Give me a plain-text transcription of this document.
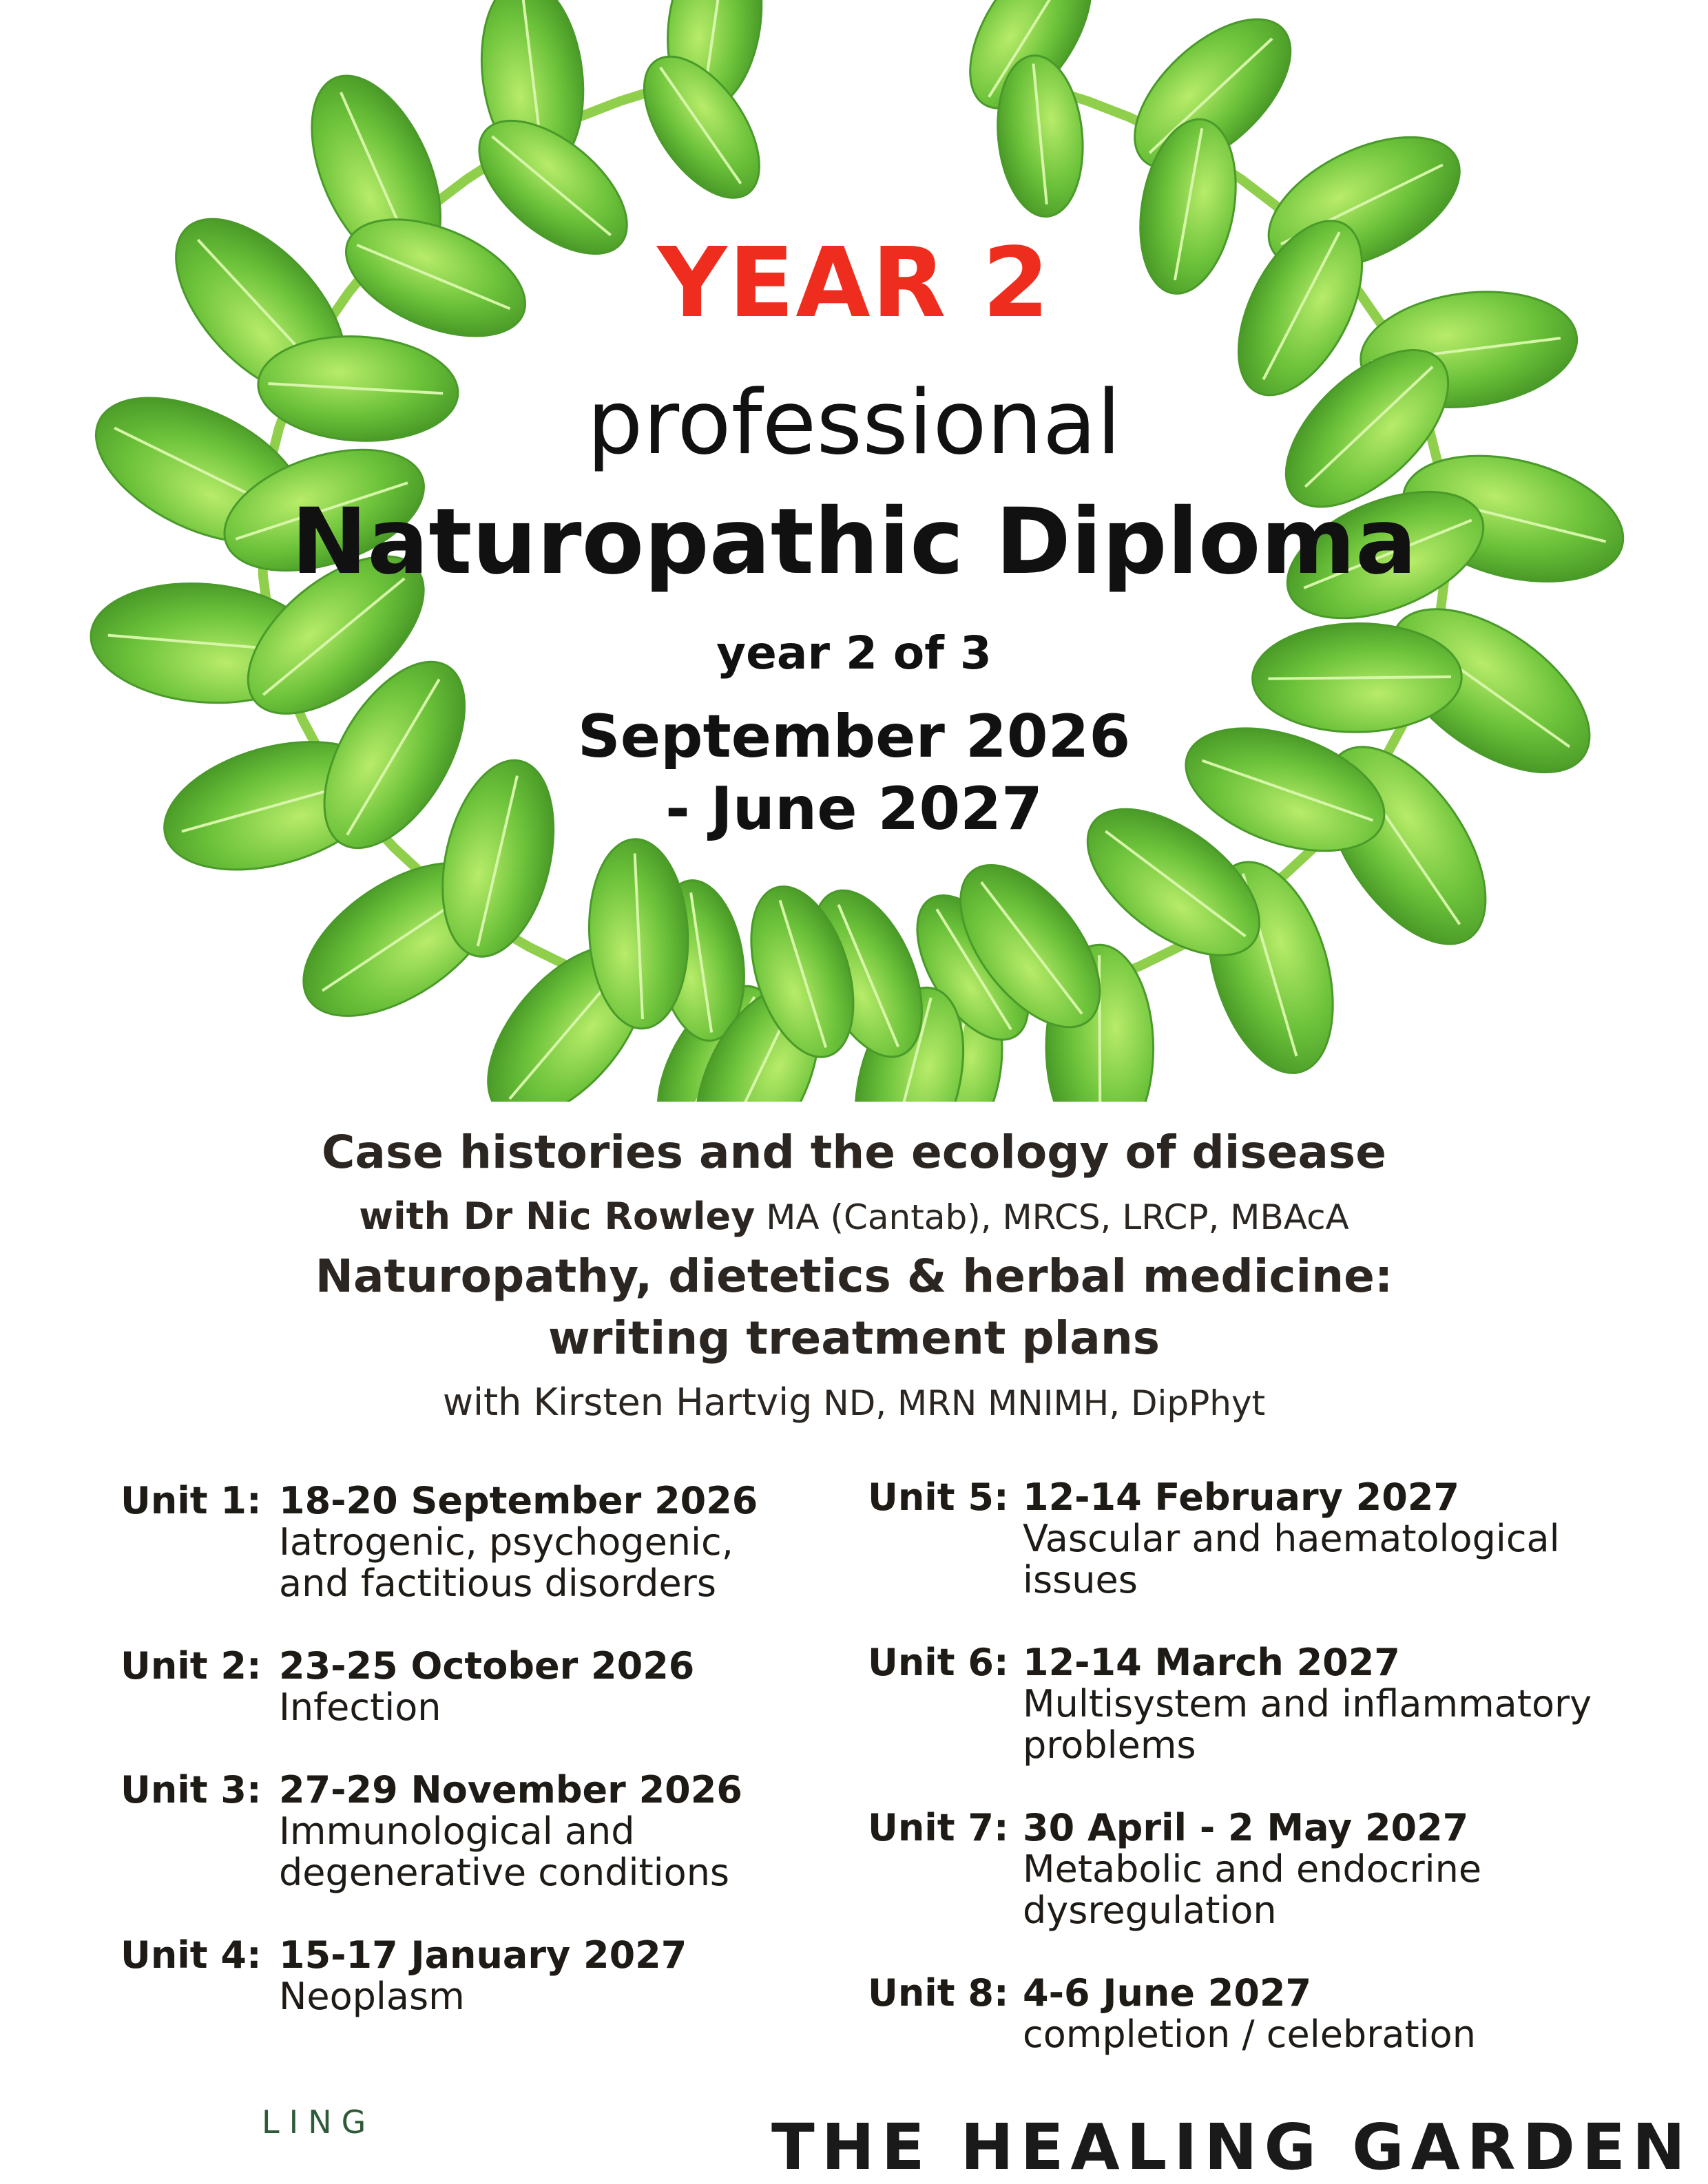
YEAR 2
professional
Naturopathic Diploma
year 2 of 3
September 2026
- June 2027
Case histories and the ecology of disease
with Dr Nic Rowley MA (Cantab), MRCS, LRCP, MBAcA
Naturopathy, dietetics & herbal medicine:
writing treatment plans
with Kirsten Hartvig ND, MRN MNIMH, DipPhyt
Unit 1: 18-20 September 2026
Iatrogenic, psychogenic,
and factitious disorders
Unit 2: 23-25 October 2026
Infection
Unit 3: 27-29 November 2026
Immunological and
degenerative conditions
Unit 4: 15-17 January 2027
Neoplasm
Unit 5: 12-14 February 2027
Vascular and haematological
issues
Unit 6: 12-14 March 2027
Multisystem and inflammatory
problems
Unit 7: 30 April - 2 May 2027
Metabolic and endocrine
dysregulation
Unit 8: 4-6 June 2027
completion / celebration
LING	THE HEALING GARDEN
